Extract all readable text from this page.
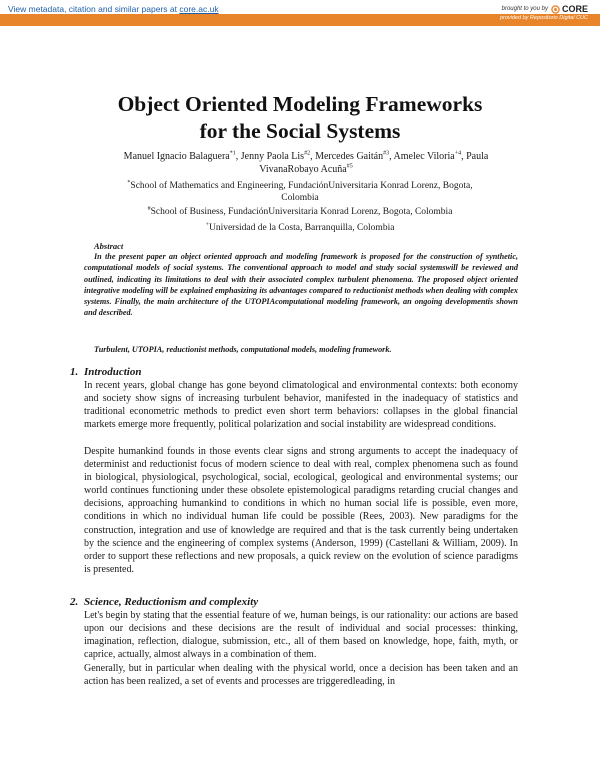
View metadata, citation and similar papers at core.ac.uk	brought to you by CORE
provided by Repositorio Digital CUC
Object Oriented Modeling Frameworks
for the Social Systems
Manuel Ignacio Balaguera$^{*1}$, Jenny Paola Lis$^{\#2}$, Mercedes Gaitán$^{\#3}$, Amelec Viloria$^{+4}$, Paula
VivanaRobayo Acuña$^{\#5}$
*School of Mathematics and Engineering, FundaciónUniversitaria Konrad Lorenz, Bogota,
Colombia
#School of Business, FundaciónUniversitaria Konrad Lorenz, Bogota, Colombia
+Universidad de la Costa, Barranquilla, Colombia
Abstract
In the present paper an object oriented approach and modeling framework is proposed for the construction of synthetic, computational models of social systems. The conventional approach to model and study social systemswill be reviewed and outlined, indicating its limitations to deal with their associated complex turbulent phenomena. The proposed object oriented integrative modeling will be explained emphasizing its advantages compared to reductionist methods when dealing with complex systems. Finally, the main architecture of the UTOPIAcomputational modeling framework, an ongoing developmentis shown and described.
Turbulent, UTOPIA, reductionist methods, computational models, modeling framework.
1. Introduction
In recent years, global change has gone beyond climatological and environmental contexts: both economy and society show signs of increasing turbulent behavior, manifested in the inadequacy of statistics and traditional econometric methods to predict even short term behaviors: collapses in the global financial markets emerge more frequently, political polarization and social instability are widespread conditions.
Despite humankind founds in those events clear signs and strong arguments to accept the inadequacy of determinist and reductionist focus of modern science to deal with real, complex phenomena such as found in biological, physiological, psychological, social, ecological, geological and environmental systems; our world continues functioning under these obsolete epistemological paradigms retarding crucial changes and decisions, approaching humankind to conditions in which no human social life is possible, even more, conditions in which no individual human life could be possible (Rees, 2003). New paradigms for the construction, integration and use of knowledge are required and that is the task currently being undertaken by the science and the engineering of complex systems (Anderson, 1999) (Castellani & William, 2009). In order to support these reflections and new proposals, a quick review on the evolution of science paradigms is presented.
2. Science, Reductionism and complexity
Let's begin by stating that the essential feature of we, human beings, is our rationality: our actions are based upon our decisions and these decisions are the result of individual and social processes: thinking, imagination, reflection, dialogue, submission, etc., all of them based on knowledge, hope, faith, myth, or caprice, actually, almost always in a combination of them.
Generally, but in particular when dealing with the physical world, once a decision has been taken and an action has been realized, a set of events and processes are triggeredleading, in
